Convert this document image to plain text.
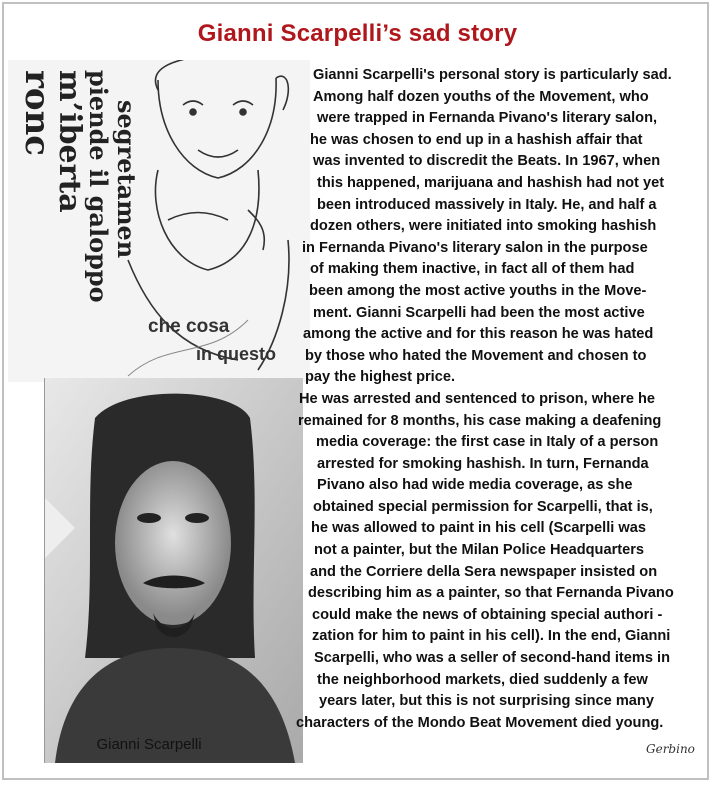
Gianni Scarpelli’s sad story
m’iberta
piende il galoppo
ronc segretamen
che cosa
in questo
Gianni Scarpelli
Gianni Scarpelli's personal story is particularly sad.
Among half dozen youths of the Movement, who
were trapped in Fernanda Pivano's literary salon,
he was chosen to end up in a hashish affair that
was invented to discredit the Beats. In 1967, when
this happened, marijuana and hashish had not yet
been introduced massively in Italy. He, and half a
dozen others, were initiated into smoking hashish
in Fernanda Pivano's literary salon in the purpose
of making them inactive, in fact all of them had
been among the most active youths in the Move-
ment. Gianni Scarpelli had been the most active
among the active and for this reason he was hated
by those who hated the Movement and chosen to
pay the highest price.
He was arrested and sentenced to prison, where he
remained for 8 months, his case making a deafening
media coverage: the first case in Italy of a person
arrested for smoking hashish. In turn, Fernanda
Pivano also had wide media coverage, as she
obtained special permission for Scarpelli, that is,
he was allowed to paint in his cell (Scarpelli was
not a painter, but the Milan Police Headquarters
and the Corriere della Sera newspaper insisted on
describing him as a painter, so that Fernanda Pivano
could make the news of obtaining special authori -
zation for him to paint in his cell). In the end, Gianni
Scarpelli, who was a seller of second-hand items in
the neighborhood markets, died suddenly a few
years later, but this is not surprising since many
characters of the Mondo Beat Movement died young.
Gerbino
